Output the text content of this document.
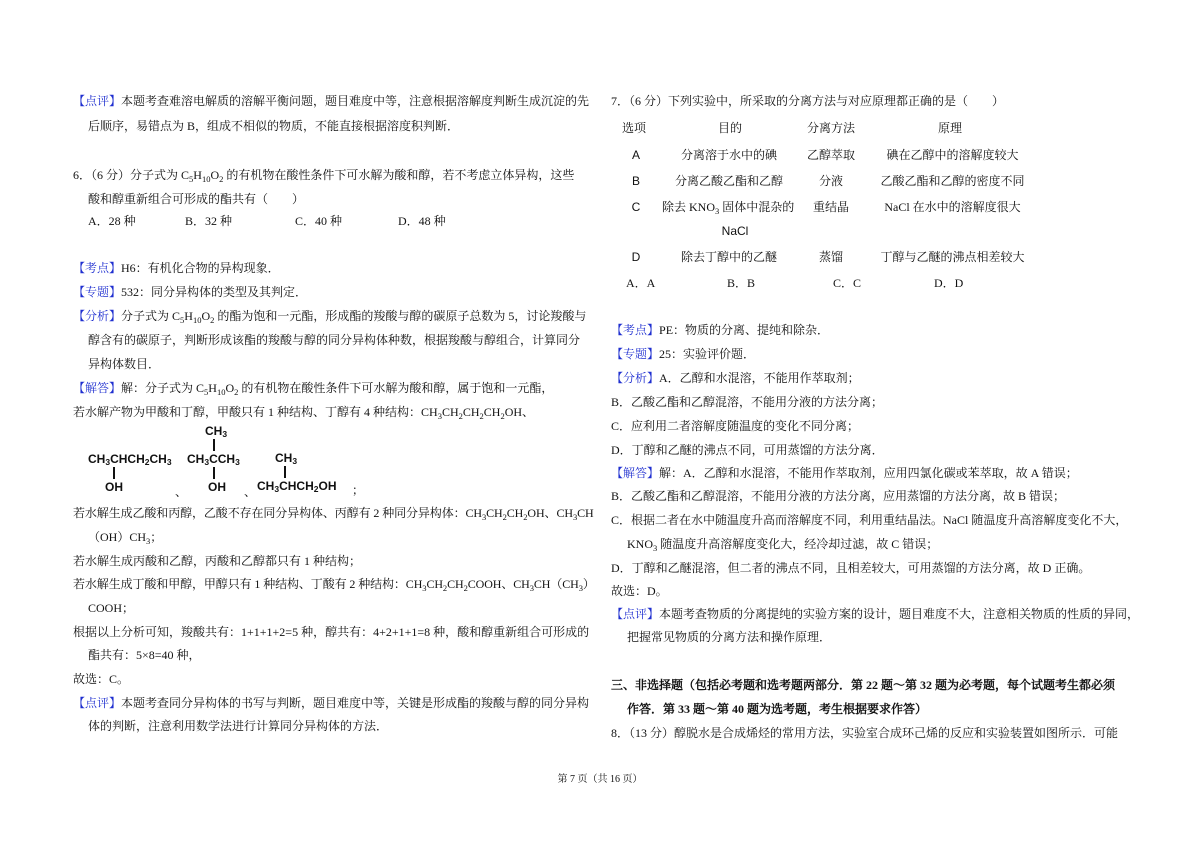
【点评】本题考查难溶电解质的溶解平衡问题，题目难度中等，注意根据溶解度判断生成沉淀的先
后顺序，易错点为 B，组成不相似的物质，不能直接根据溶度积判断．
6．（6 分）分子式为 $C_5H_{10}O_2$ 的有机物在酸性条件下可水解为酸和醇，若不考虑立体异构，这些
酸和醇重新组合可形成的酯共有（　　）
A．28 种	B．32 种	C．40 种	D．48 种
【考点】H6：有机化合物的异构现象．
【专题】532：同分异构体的类型及其判定．
【分析】分子式为 $C_5H_{10}O_2$ 的酯为饱和一元酯，形成酯的羧酸与醇的碳原子总数为 5，讨论羧酸与
醇含有的碳原子，判断形成该酯的羧酸与醇的同分异构体种数，根据羧酸与醇组合，计算同分
异构体数目．
【解答】解：分子式为 $C_5H_{10}O_2$ 的有机物在酸性条件下可水解为酸和醇，属于饱和一元酯，
若水解产物为甲酸和丁醇，甲酸只有 1 种结构、丁醇有 4 种结构：$CH_3CH_2CH_2CH_2OH$、
$CH_3CHCH_2CH_3$
OH	、
$CH_3$
$CH_3CCH_3$
OH 、
$CH_3$
$CH_3CHCH_2OH$ ；
若水解生成乙酸和丙醇，乙酸不存在同分异构体、丙醇有 2 种同分异构体：$CH_3CH_2CH_2OH$、$CH_3CH$
$(OH)CH_3$；
若水解生成丙酸和乙醇，丙酸和乙醇都只有 1 种结构；
若水解生成丁酸和甲醇，甲醇只有 1 种结构、丁酸有 2 种结构：$CH_3CH_2CH_2COOH$、$CH_3CH(CH_3)$
COOH；
根据以上分析可知，羧酸共有：1+1+1+2=5 种，醇共有：4+2+1+1=8 种，酸和醇重新组合可形成的
酯共有：5×8=40 种，
故选：C。
【点评】本题考查同分异构体的书写与判断，题目难度中等，关键是形成酯的羧酸与醇的同分异构
体的判断，注意利用数学法进行计算同分异构体的方法．
7．（6 分）下列实验中，所采取的分离方法与对应原理都正确的是（　　）
选项	目的	分离方法	原理
A	分离溶于水中的碘	乙醇萃取	碘在乙醇中的溶解度较大
B	分离乙酸乙酯和乙醇	分液	乙酸乙酯和乙醇的密度不同
C	除去 $KNO_3$ 固体中混杂的
NaCl
重结晶	NaCl 在水中的溶解度很大
D	除去丁醇中的乙醚	蒸馏	丁醇与乙醚的沸点相差较大
A．A	B．B	C．C	D．D
【考点】PE：物质的分离、提纯和除杂．
【专题】25：实验评价题．
【分析】A．乙醇和水混溶，不能用作萃取剂；
B．乙酸乙酯和乙醇混溶，不能用分液的方法分离；
C．应利用二者溶解度随温度的变化不同分离；
D．丁醇和乙醚的沸点不同，可用蒸馏的方法分离．
【解答】解：A．乙醇和水混溶，不能用作萃取剂，应用四氯化碳或苯萃取，故 A 错误；
B．乙酸乙酯和乙醇混溶，不能用分液的方法分离，应用蒸馏的方法分离，故 B 错误；
C．根据二者在水中随温度升高而溶解度不同，利用重结晶法。NaCl 随温度升高溶解度变化不大，
$KNO_3$ 随温度升高溶解度变化大，经冷却过滤，故 C 错误；
D．丁醇和乙醚混溶，但二者的沸点不同，且相差较大，可用蒸馏的方法分离，故 D 正确。
故选：D。
【点评】本题考查物质的分离提纯的实验方案的设计，题目难度不大，注意相关物质的性质的异同，
把握常见物质的分离方法和操作原理．
三、非选择题（包括必考题和选考题两部分．第 22 题～第 32 题为必考题，每个试题考生都必须
作答．第 33 题～第 40 题为选考题，考生根据要求作答）
8．（13 分）醇脱水是合成烯烃的常用方法，实验室合成环己烯的反应和实验装置如图所示．可能
第 7 页（共 16 页）
